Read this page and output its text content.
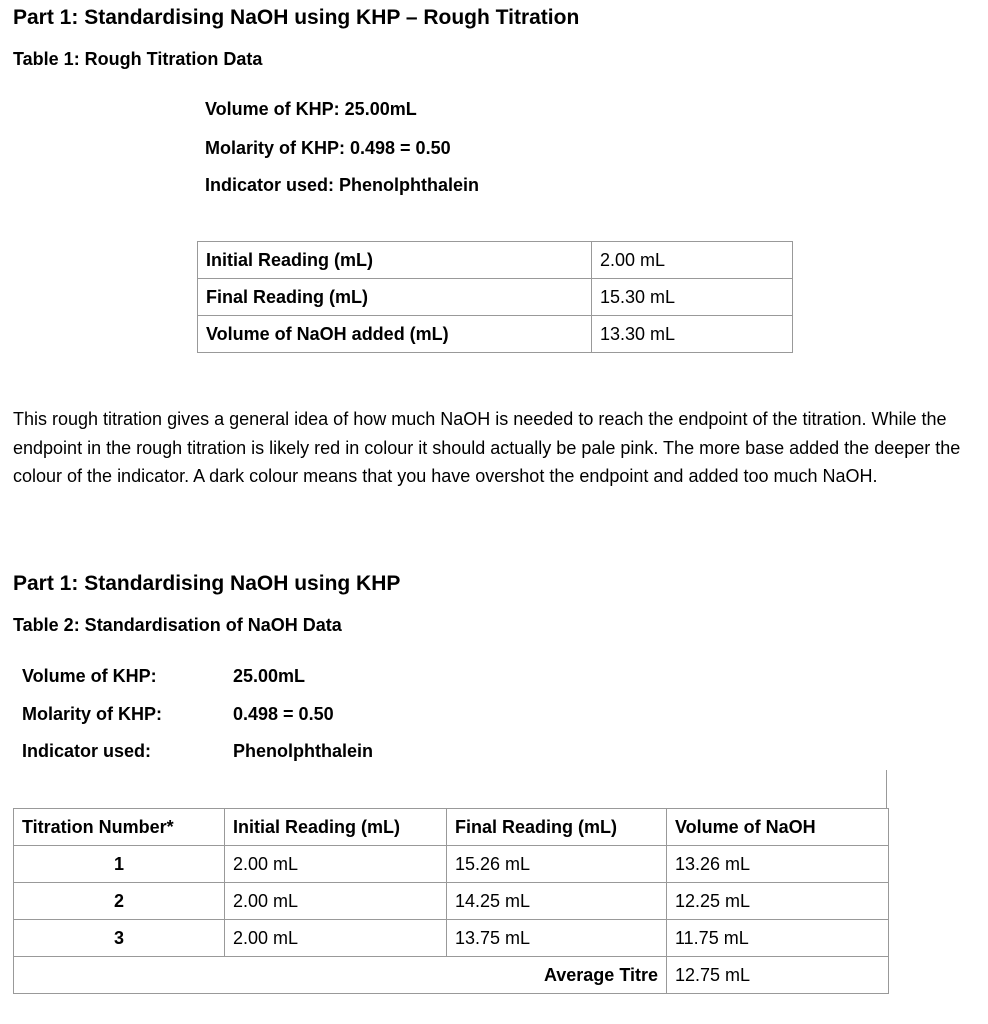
Part 1: Standardising NaOH using KHP – Rough Titration
Table 1: Rough Titration Data
Volume of KHP: 25.00mL
Molarity of KHP: 0.498 = 0.50
Indicator used: Phenolphthalein
Initial Reading (mL)	2.00 mL
Final Reading (mL)	15.30 mL
Volume of NaOH added (mL)	13.30 mL
This rough titration gives a general idea of how much NaOH is needed to reach the endpoint of the titration. While the endpoint in the rough titration is likely red in colour it should actually be pale pink. The more base added the deeper the colour of the indicator. A dark colour means that you have overshot the endpoint and added too much NaOH.
Part 1: Standardising NaOH using KHP
Table 2: Standardisation of NaOH Data
Volume of KHP:	25.00mL
Molarity of KHP:	0.498 = 0.50
Indicator used:	Phenolphthalein
Titration Number*	Initial Reading (mL)	Final Reading (mL)	Volume of NaOH
1	2.00 mL	15.26 mL	13.26 mL
2	2.00 mL	14.25 mL	12.25 mL
3	2.00 mL	13.75 mL	11.75 mL
Average Titre			12.75 mL
